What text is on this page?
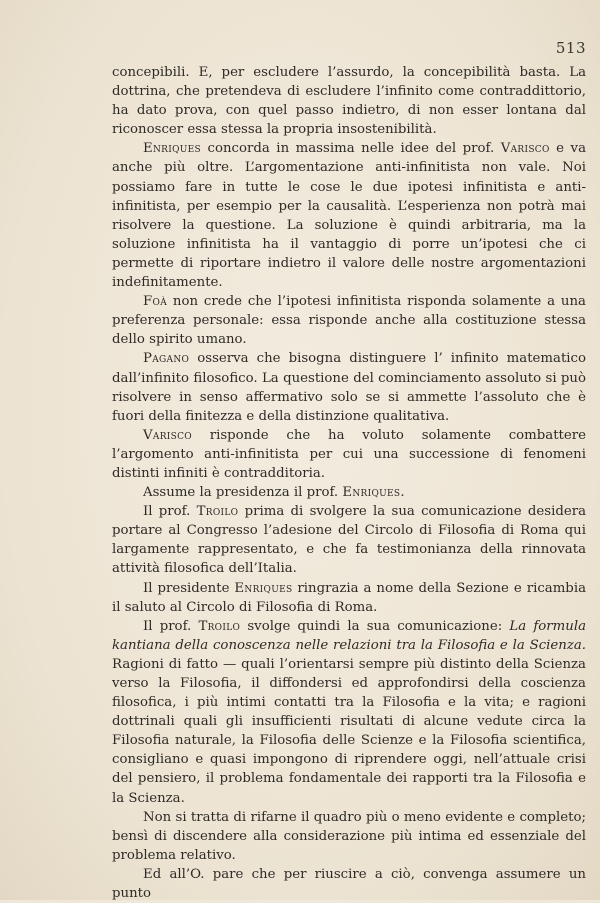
513

concepibili. E, per escludere l’assurdo, la concepibilità basta. La dottrina, che pretendeva di escludere l’infinito come contraddittorio, ha dato prova, con quel passo indietro, di non esser lontana dal riconoscer essa stessa la propria insostenibilità.

Enriques concorda in massima nelle idee del prof. Varisco e va anche più oltre. L’argomentazione anti-infinitista non vale. Noi possiamo fare in tutte le cose le due ipotesi infinitista e anti-infinitista, per esempio per la causalità. L’esperienza non potrà mai risolvere la questione. La soluzione è quindi arbitraria, ma la soluzione infinitista ha il vantaggio di porre un’ipotesi che ci permette di riportare indietro il valore delle nostre argomentazioni indefinitamente.

Foà non crede che l’ipotesi infinitista risponda solamente a una preferenza personale: essa risponde anche alla costituzione stessa dello spirito umano.

Pagano osserva che bisogna distinguere l’ infinito matematico dall’infinito filosofico. La questione del cominciamento assoluto si può risolvere in senso affermativo solo se si ammette l’assoluto che è fuori della finitezza e della distinzione qualitativa.

Varisco risponde che ha voluto solamente combattere l’argomento anti-infinitista per cui una successione di fenomeni distinti infiniti è contradditoria.

Assume la presidenza il prof. Enriques.

Il prof. Troilo prima di svolgere la sua comunicazione desidera portare al Congresso l’adesione del Circolo di Filosofia di Roma qui largamente rappresentato, e che fa testimonianza della rinnovata attività filosofica dell’Italia.

Il presidente Enriques ringrazia a nome della Sezione e ricambia il saluto al Circolo di Filosofia di Roma.

Il prof. Troilo svolge quindi la sua comunicazione: La formula kantiana della conoscenza nelle relazioni tra la Filosofia e la Scienza. Ragioni di fatto — quali l’orientarsi sempre più distinto della Scienza verso la Filosofia, il diffondersi ed approfondirsi della coscienza filosofica, i più intimi contatti tra la Filosofia e la vita; e ragioni dottrinali quali gli insufficienti risultati di alcune vedute circa la Filosofia naturale, la Filosofia delle Scienze e la Filosofia scientifica, consigliano e quasi impongono di riprendere oggi, nell’attuale crisi del pensiero, il problema fondamentale dei rapporti tra la Filosofia e la Scienza.

Non si tratta di rifarne il quadro più o meno evidente e completo; bensì di discendere alla considerazione più intima ed essenziale del problema relativo.

Ed all’O. pare che per riuscire a ciò, convenga assumere un punto
